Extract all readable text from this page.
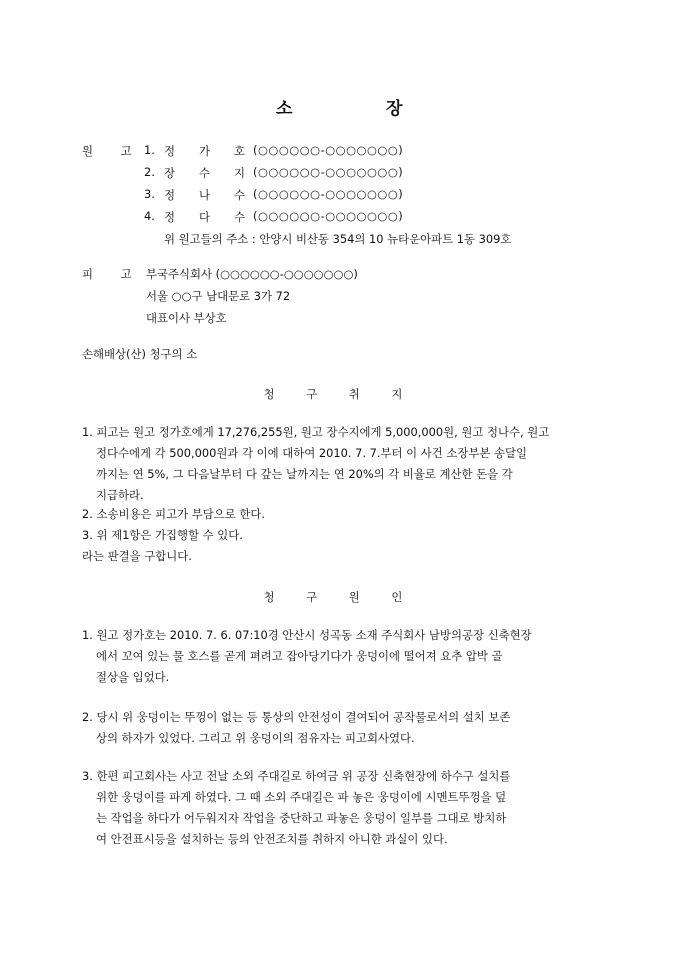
소	장
원 고 1. 정 가 호 (○○○○○○-○○○○○○○)
2. 장 수 지 (○○○○○○-○○○○○○○)
3. 정 나 수 (○○○○○○-○○○○○○○)
4. 정 다 수 (○○○○○○-○○○○○○○)
위 원고들의 주소 : 안양시 비산동 354의 10 뉴타운아파트 1동 309호
피 고 부국주식회사 (○○○○○○-○○○○○○○)
서울 ○○구 남대문로 3가 72
대표이사 부상호
손해배상(산) 청구의 소
청 구 취 지
1. 피고는 원고 정가호에게 17,276,255원, 원고 장수지에게 5,000,000원, 원고 정나수, 원고
정다수에게 각 500,000원과 각 이에 대하여 2010. 7. 7.부터 이 사건 소장부본 송달일
까지는 연 5%, 그 다음날부터 다 갚는 날까지는 연 20%의 각 비율로 계산한 돈을 각
지급하라.
2. 소송비용은 피고가 부담으로 한다.
3. 위 제1항은 가집행할 수 있다.
라는 판결을 구합니다.
청 구 원 인
1. 원고 정가호는 2010. 7. 6. 07:10경 안산시 성곡동 소재 주식회사 남방의공장 신축현장
에서 꼬여 있는 물 호스를 곧게 펴려고 잡아당기다가 웅덩이에 떨어져 요추 압박 골
절상을 입었다.
2. 당시 위 웅덩이는 뚜껑이 없는 등 통상의 안전성이 결여되어 공작물로서의 설치 보존
상의 하자가 있었다. 그리고 위 웅덩이의 점유자는 피고회사였다.
3. 한편 피고회사는 사고 전날 소외 주대길로 하여금 위 공장 신축현장에 하수구 설치를
위한 웅덩이를 파게 하였다. 그 때 소외 주대길은 파 놓은 웅덩이에 시멘트뚜껑을 덮
는 작업을 하다가 어두워지자 작업을 중단하고 파놓은 웅덩이 일부를 그대로 방치하
여 안전표시등을 설치하는 등의 안전조치를 취하지 아니한 과실이 있다.
